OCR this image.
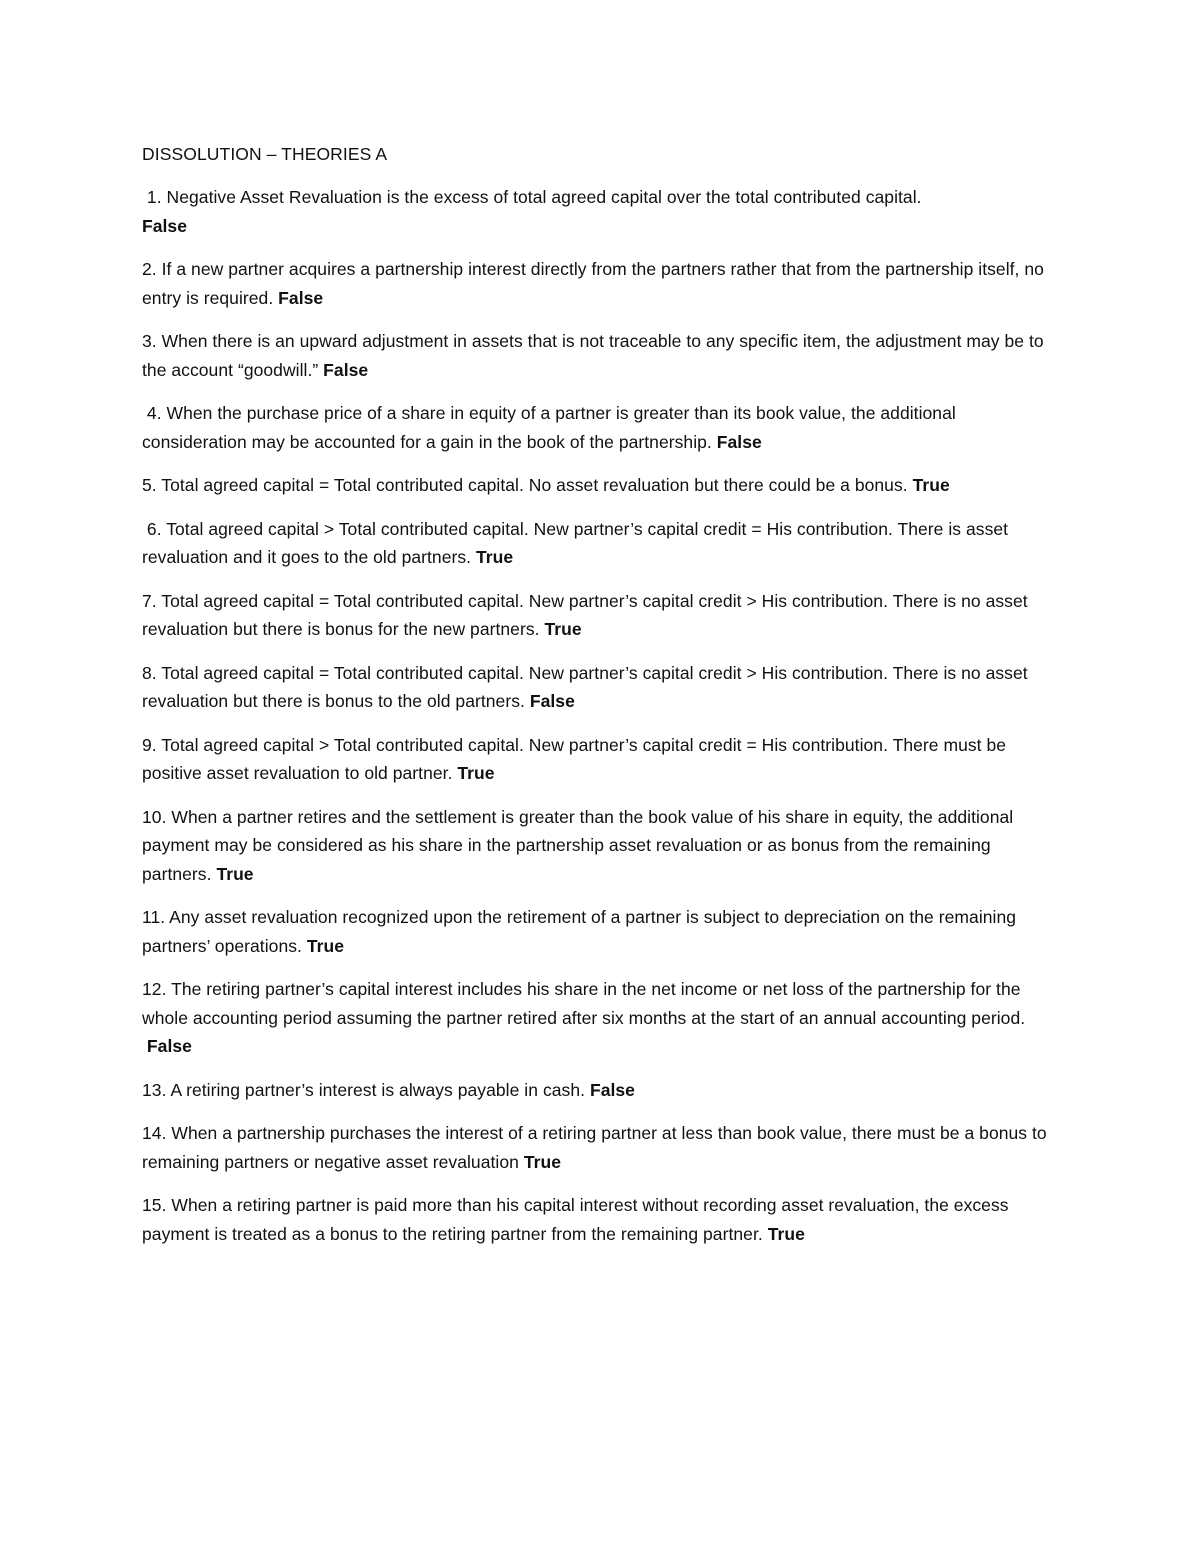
DISSOLUTION – THEORIES A
1. Negative Asset Revaluation is the excess of total agreed capital over the total contributed capital.
False
2. If a new partner acquires a partnership interest directly from the partners rather that from the partnership itself, no entry is required. False
3. When there is an upward adjustment in assets that is not traceable to any specific item, the adjustment may be to the account “goodwill.” False
4. When the purchase price of a share in equity of a partner is greater than its book value, the additional consideration may be accounted for a gain in the book of the partnership. False
5. Total agreed capital = Total contributed capital. No asset revaluation but there could be a bonus. True
6. Total agreed capital > Total contributed capital. New partner’s capital credit = His contribution. There is asset revaluation and it goes to the old partners. True
7. Total agreed capital = Total contributed capital. New partner’s capital credit > His contribution. There is no asset revaluation but there is bonus for the new partners. True
8. Total agreed capital = Total contributed capital. New partner’s capital credit > His contribution. There is no asset revaluation but there is bonus to the old partners. False
9. Total agreed capital > Total contributed capital. New partner’s capital credit = His contribution. There must be positive asset revaluation to old partner. True
10. When a partner retires and the settlement is greater than the book value of his share in equity, the additional payment may be considered as his share in the partnership asset revaluation or as bonus from the remaining partners. True
11. Any asset revaluation recognized upon the retirement of a partner is subject to depreciation on the remaining partners’ operations. True
12. The retiring partner’s capital interest includes his share in the net income or net loss of the partnership for the whole accounting period assuming the partner retired after six months at the start of an annual accounting period. False
13. A retiring partner’s interest is always payable in cash. False
14. When a partnership purchases the interest of a retiring partner at less than book value, there must be a bonus to remaining partners or negative asset revaluation True
15. When a retiring partner is paid more than his capital interest without recording asset revaluation, the excess payment is treated as a bonus to the retiring partner from the remaining partner. True
